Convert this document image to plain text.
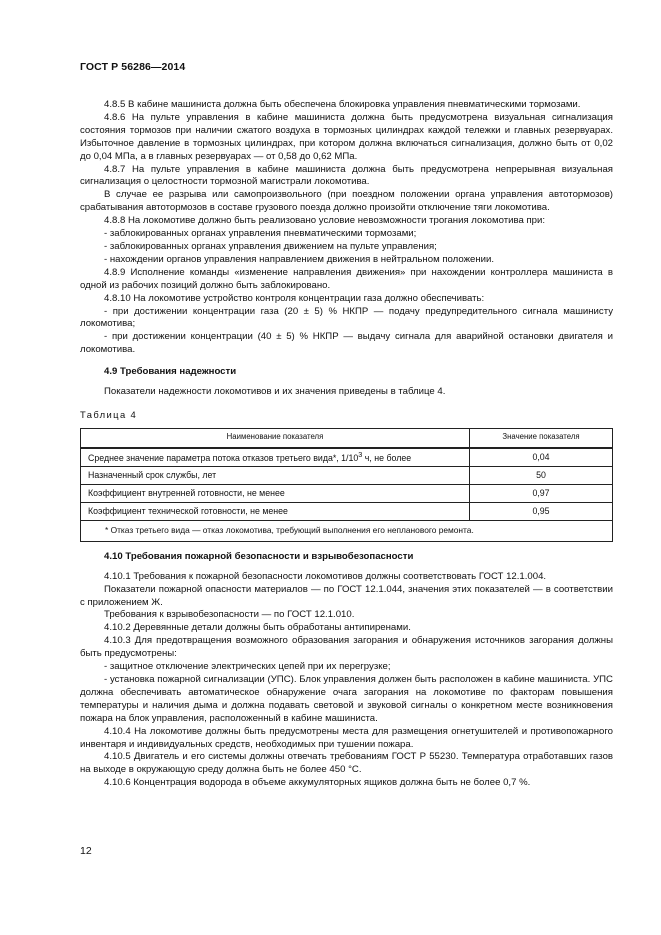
ГОСТ Р 56286—2014

4.8.5 В кабине машиниста должна быть обеспечена блокировка управления пневматическими тормозами.

4.8.6 На пульте управления в кабине машиниста должна быть предусмотрена визуальная сигнализация состояния тормозов при наличии сжатого воздуха в тормозных цилиндрах каждой тележки и главных резервуарах. Избыточное давление в тормозных цилиндрах, при котором должна включаться сигнализация, должно быть от 0,02 до 0,04 МПа, а в главных резервуарах — от 0,58 до 0,62 МПа.

4.8.7 На пульте управления в кабине машиниста должна быть предусмотрена непрерывная визуальная сигнализация о целостности тормозной магистрали локомотива.

В случае ее разрыва или самопроизвольного (при поездном положении органа управления автотормозов) срабатывания автотормозов в составе грузового поезда должно произойти отключение тяги локомотива.

4.8.8 На локомотиве должно быть реализовано условие невозможности трогания локомотива при:

- заблокированных органах управления пневматическими тормозами;

- заблокированных органах управления движением на пульте управления;

- нахождении органов управления направлением движения в нейтральном положении.

4.8.9 Исполнение команды «изменение направления движения» при нахождении контроллера машиниста в одной из рабочих позиций должно быть заблокировано.

4.8.10 На локомотиве устройство контроля концентрации газа должно обеспечивать:

- при достижении концентрации газа (20 ± 5) % НКПР — подачу предупредительного сигнала машинисту локомотива;

- при достижении концентрации (40 ± 5) % НКПР — выдачу сигнала для аварийной остановки двигателя и локомотива.

4.9 Требования надежности

Показатели надежности локомотивов и их значения приведены в таблице 4.

Таблица 4

Наименование показателя	Значение показателя
Среднее значение параметра потока отказов третьего вида*, $1/10^3$ ч, не более	0,04
Назначенный срок службы, лет	50
Коэффициент внутренней готовности, не менее	0,97
Коэффициент технической готовности, не менее	0,95
* Отказ третьего вида — отказ локомотива, требующий выполнения его непланового ремонта.	

4.10 Требования пожарной безопасности и взрывобезопасности

4.10.1 Требования к пожарной безопасности локомотивов должны соответствовать ГОСТ 12.1.004.

Показатели пожарной опасности материалов — по ГОСТ 12.1.044, значения этих показателей — в соответствии с приложением Ж.

Требования к взрывобезопасности — по ГОСТ 12.1.010.

4.10.2 Деревянные детали должны быть обработаны антипиренами.

4.10.3 Для предотвращения возможного образования загорания и обнаружения источников загорания должны быть предусмотрены:

- защитное отключение электрических цепей при их перегрузке;

- установка пожарной сигнализации (УПС). Блок управления должен быть расположен в кабине машиниста. УПС должна обеспечивать автоматическое обнаружение очага загорания на локомотиве по факторам повышения температуры и наличия дыма и должна подавать световой и звуковой сигналы о конкретном месте возникновения пожара на блок управления, расположенный в кабине машиниста.

4.10.4 На локомотиве должны быть предусмотрены места для размещения огнетушителей и противопожарного инвентаря и индивидуальных средств, необходимых при тушении пожара.

4.10.5 Двигатель и его системы должны отвечать требованиям ГОСТ Р 55230. Температура отработавших газов на выходе в окружающую среду должна быть не более 450 °С.

4.10.6 Концентрация водорода в объеме аккумуляторных ящиков должна быть не более 0,7 %.

12
